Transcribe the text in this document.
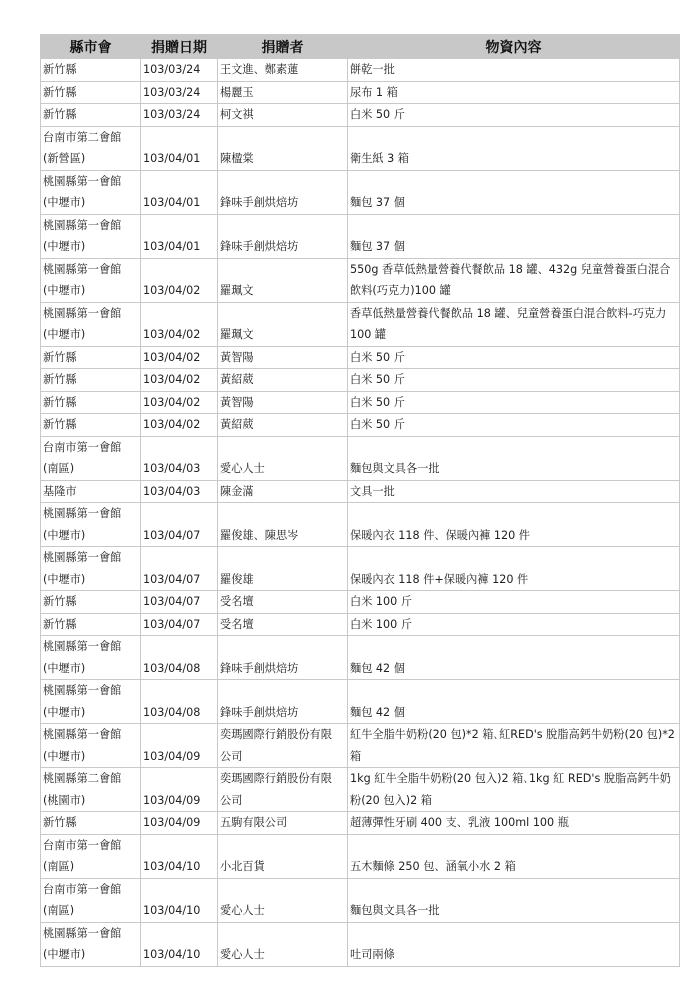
縣市會	捐贈日期	捐贈者	物資內容

新竹縣	103/03/24	王文進、鄭素蓮	餅乾一批

新竹縣	103/03/24	楊麗玉	尿布 1 箱

新竹縣	103/03/24	柯文祺	白米 50 斤

台南市第二會館
(新營區)	103/04/01	陳楹棠	衛生紙 3 箱

桃園縣第一會館
(中壢市)	103/04/01	鋒味手創烘焙坊	麵包 37 個

桃園縣第一會館
(中壢市)	103/04/01	鋒味手創烘焙坊	麵包 37 個

桃園縣第一會館
(中壢市)	103/04/02	羅珮文	550g 香草低熱量營養代餐飲品 18 罐、432g 兒童營養蛋白混合
飲料(巧克力)100 罐

桃園縣第一會館
(中壢市)	103/04/02	羅珮文	香草低熱量營養代餐飲品 18 罐、兒童營養蛋白混合飲料-巧克力
100 罐

新竹縣	103/04/02	黃智陽	白米 50 斤

新竹縣	103/04/02	黃紹葳	白米 50 斤

新竹縣	103/04/02	黃智陽	白米 50 斤

新竹縣	103/04/02	黃紹葳	白米 50 斤

台南市第一會館
(南區)	103/04/03	愛心人士	麵包與文具各一批

基隆市	103/04/03	陳金滿	文具一批

桃園縣第一會館
(中壢市)	103/04/07	羅俊雄、陳思岑	保暖內衣 118 件、保暖內褲 120 件

桃園縣第一會館
(中壢市)	103/04/07	羅俊雄	保暖內衣 118 件+保暖內褲 120 件

新竹縣	103/04/07	受名壇	白米 100 斤

新竹縣	103/04/07	受名壇	白米 100 斤

桃園縣第一會館
(中壢市)	103/04/08	鋒味手創烘焙坊	麵包 42 個

桃園縣第一會館
(中壢市)	103/04/08	鋒味手創烘焙坊	麵包 42 個

桃園縣第一會館
(中壢市)	103/04/09	奕瑪國際行銷股份有限
公司	紅牛全脂牛奶粉(20 包)*2 箱､紅RED's 脫脂高鈣牛奶粉(20 包)*2
箱

桃園縣第二會館
(桃園市)	103/04/09	奕瑪國際行銷股份有限
公司	1kg 紅牛全脂牛奶粉(20 包入)2 箱､1kg 紅 RED's 脫脂高鈣牛奶
粉(20 包入)2 箱

新竹縣	103/04/09	五駒有限公司	超薄彈性牙刷 400 支、乳液 100ml 100 瓶

台南市第一會館
(南區)	103/04/10	小北百貨	五木麵條 250 包、涵氧小水 2 箱

台南市第一會館
(南區)	103/04/10	愛心人士	麵包與文具各一批

桃園縣第一會館
(中壢市)	103/04/10	愛心人士	吐司兩條
